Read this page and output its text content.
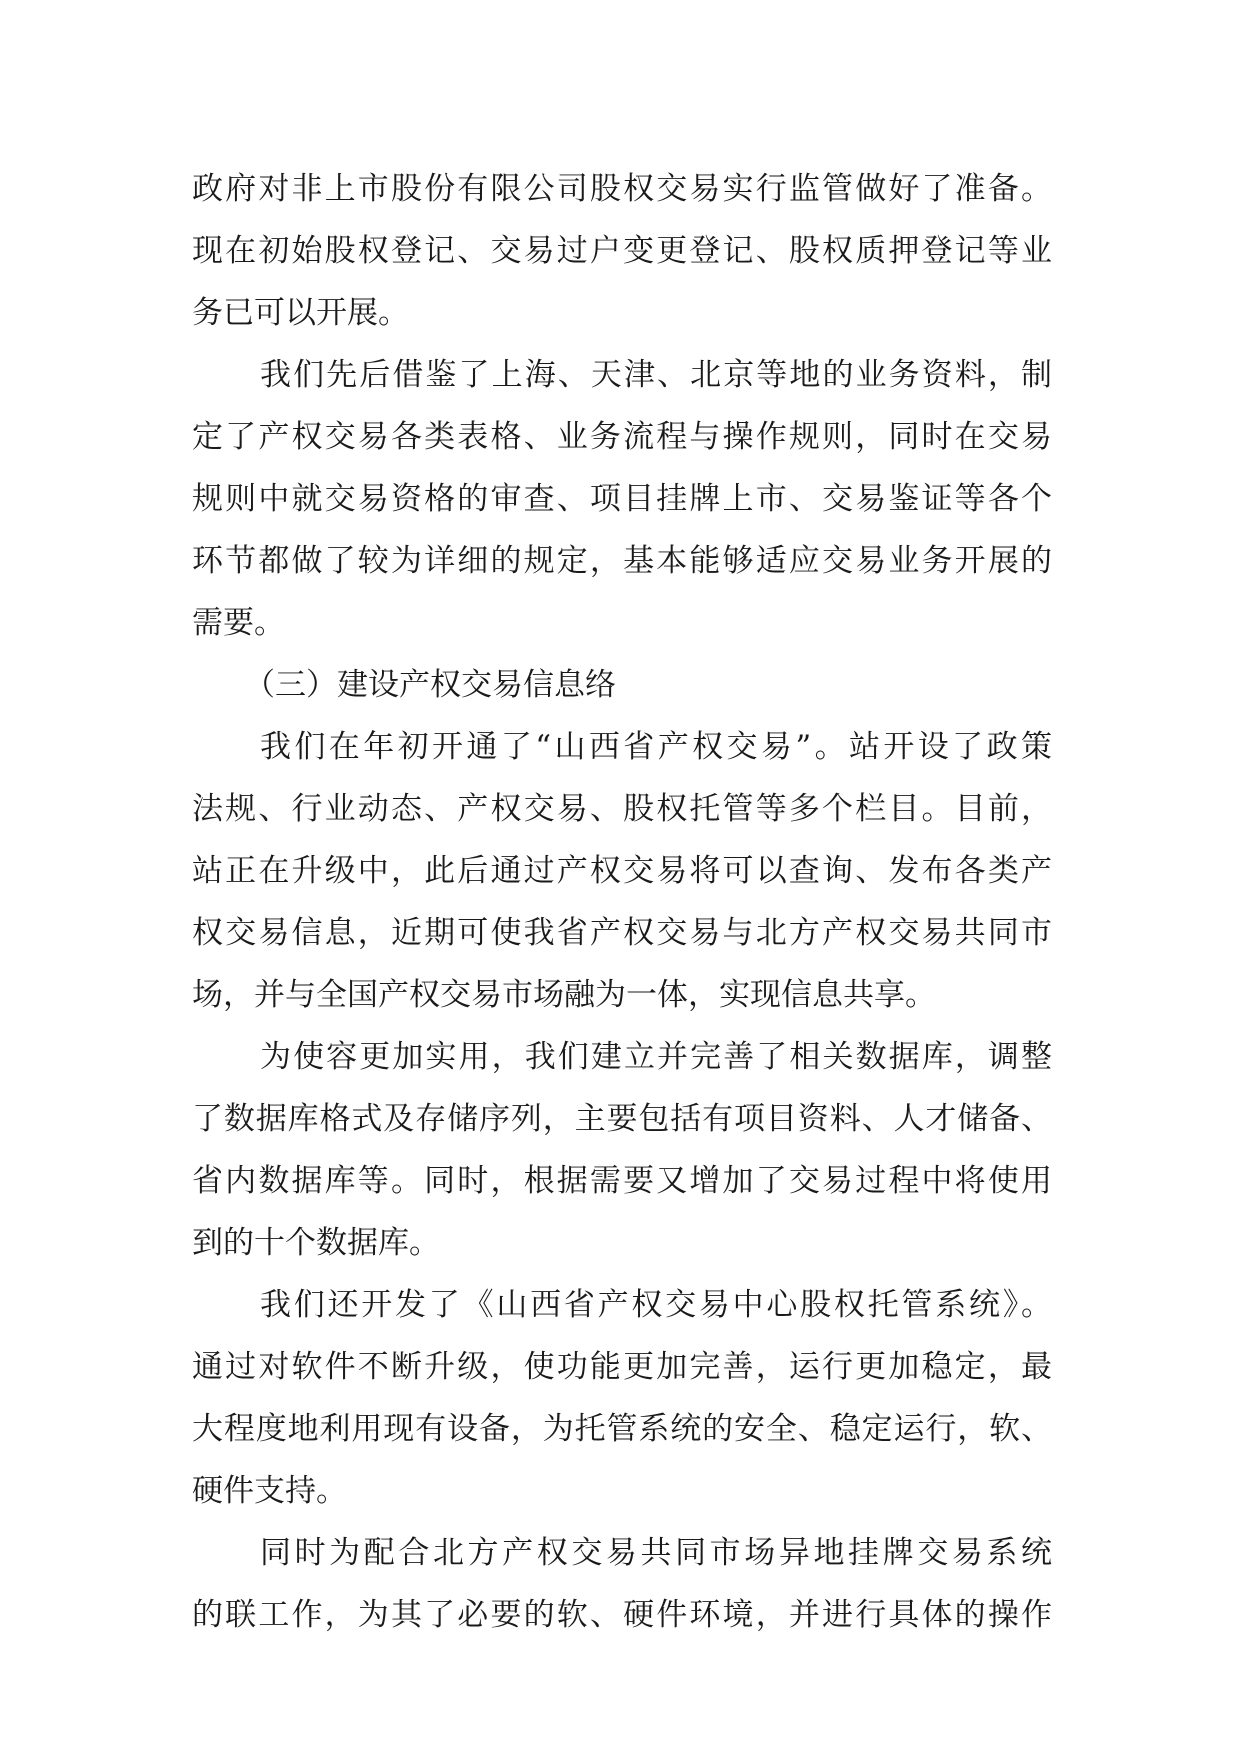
政府对非上市股份有限公司股权交易实行监管做好了准备。
现在初始股权登记、交易过户变更登记、股权质押登记等业
务已可以开展。
我们先后借鉴了上海、天津、北京等地的业务资料，制
定了产权交易各类表格、业务流程与操作规则，同时在交易
规则中就交易资格的审查、项目挂牌上市、交易鉴证等各个
环节都做了较为详细的规定，基本能够适应交易业务开展的
需要。
（三）建设产权交易信息络
我们在年初开通了“山西省产权交易”。站开设了政策
法规、行业动态、产权交易、股权托管等多个栏目。目前，
站正在升级中，此后通过产权交易将可以查询、发布各类产
权交易信息，近期可使我省产权交易与北方产权交易共同市
场，并与全国产权交易市场融为一体，实现信息共享。
为使容更加实用，我们建立并完善了相关数据库，调整
了数据库格式及存储序列，主要包括有项目资料、人才储备、
省内数据库等。同时，根据需要又增加了交易过程中将使用
到的十个数据库。
我们还开发了《山西省产权交易中心股权托管系统》。
通过对软件不断升级，使功能更加完善，运行更加稳定，最
大程度地利用现有设备，为托管系统的安全、稳定运行，软、
硬件支持。
同时为配合北方产权交易共同市场异地挂牌交易系统
的联工作，为其了必要的软、硬件环境，并进行具体的操作
